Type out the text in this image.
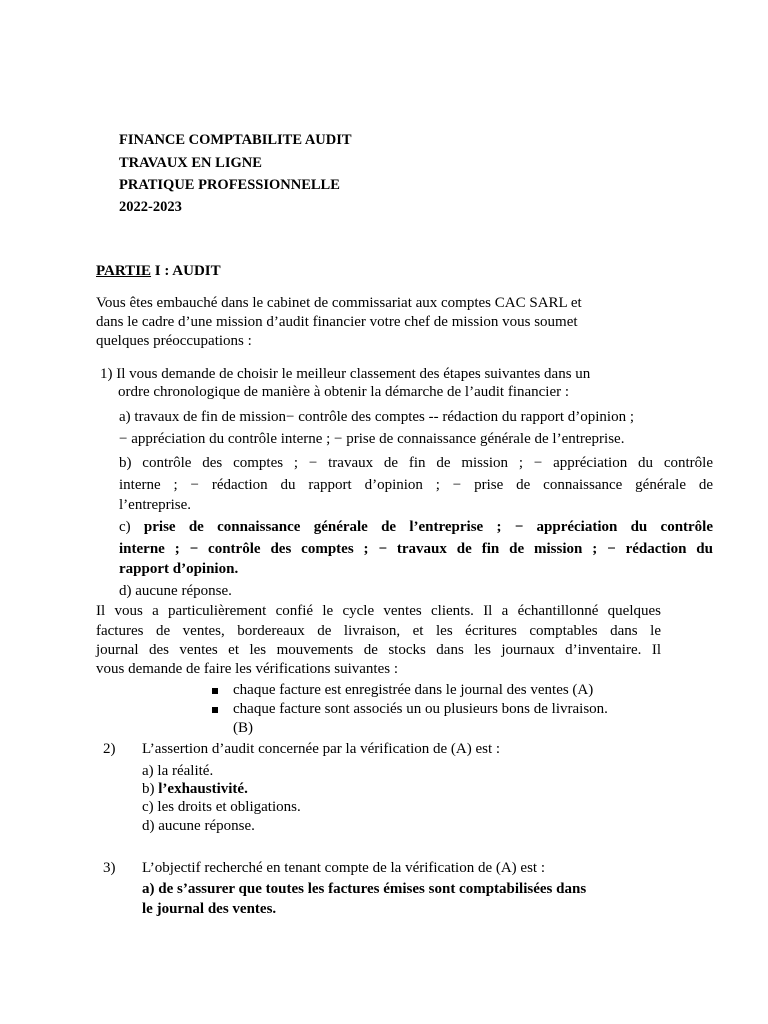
FINANCE COMPTABILITE AUDIT
TRAVAUX EN LIGNE
PRATIQUE PROFESSIONNELLE
2022-2023
PARTIE I : AUDIT
Vous êtes embauché dans le cabinet de commissariat aux comptes CAC SARL et
dans le cadre d’une mission d’audit financier votre chef de mission vous soumet
quelques préoccupations :
1) Il vous demande de choisir le meilleur classement des étapes suivantes dans un
ordre chronologique de manière à obtenir la démarche de l’audit financier :
a) travaux de fin de mission− contrôle des comptes -- rédaction du rapport d’opinion ;
− appréciation du contrôle interne ; − prise de connaissance générale de l’entreprise.
b) contrôle des comptes ; − travaux de fin de mission ; − appréciation du contrôle
interne ; − rédaction du rapport d’opinion ; − prise de connaissance générale de
l’entreprise.
c) prise de connaissance générale de l’entreprise ; − appréciation du contrôle
interne ; − contrôle des comptes ; − travaux de fin de mission ; − rédaction du
rapport d’opinion.
d) aucune réponse.
Il vous a particulièrement confié le cycle ventes clients. Il a échantillonné quelques
factures de ventes, bordereaux de livraison, et les écritures comptables dans le
journal des ventes et les mouvements de stocks dans les journaux d’inventaire. Il
vous demande de faire les vérifications suivantes :
chaque facture est enregistrée dans le journal des ventes (A)
chaque facture sont associés un ou plusieurs bons de livraison.
(B)
2) L’assertion d’audit concernée par la vérification de (A) est :
a) la réalité.
b) l’exhaustivité.
c) les droits et obligations.
d) aucune réponse.
3) L’objectif recherché en tenant compte de la vérification de (A) est :
a) de s’assurer que toutes les factures émises sont comptabilisées dans
le journal des ventes.
